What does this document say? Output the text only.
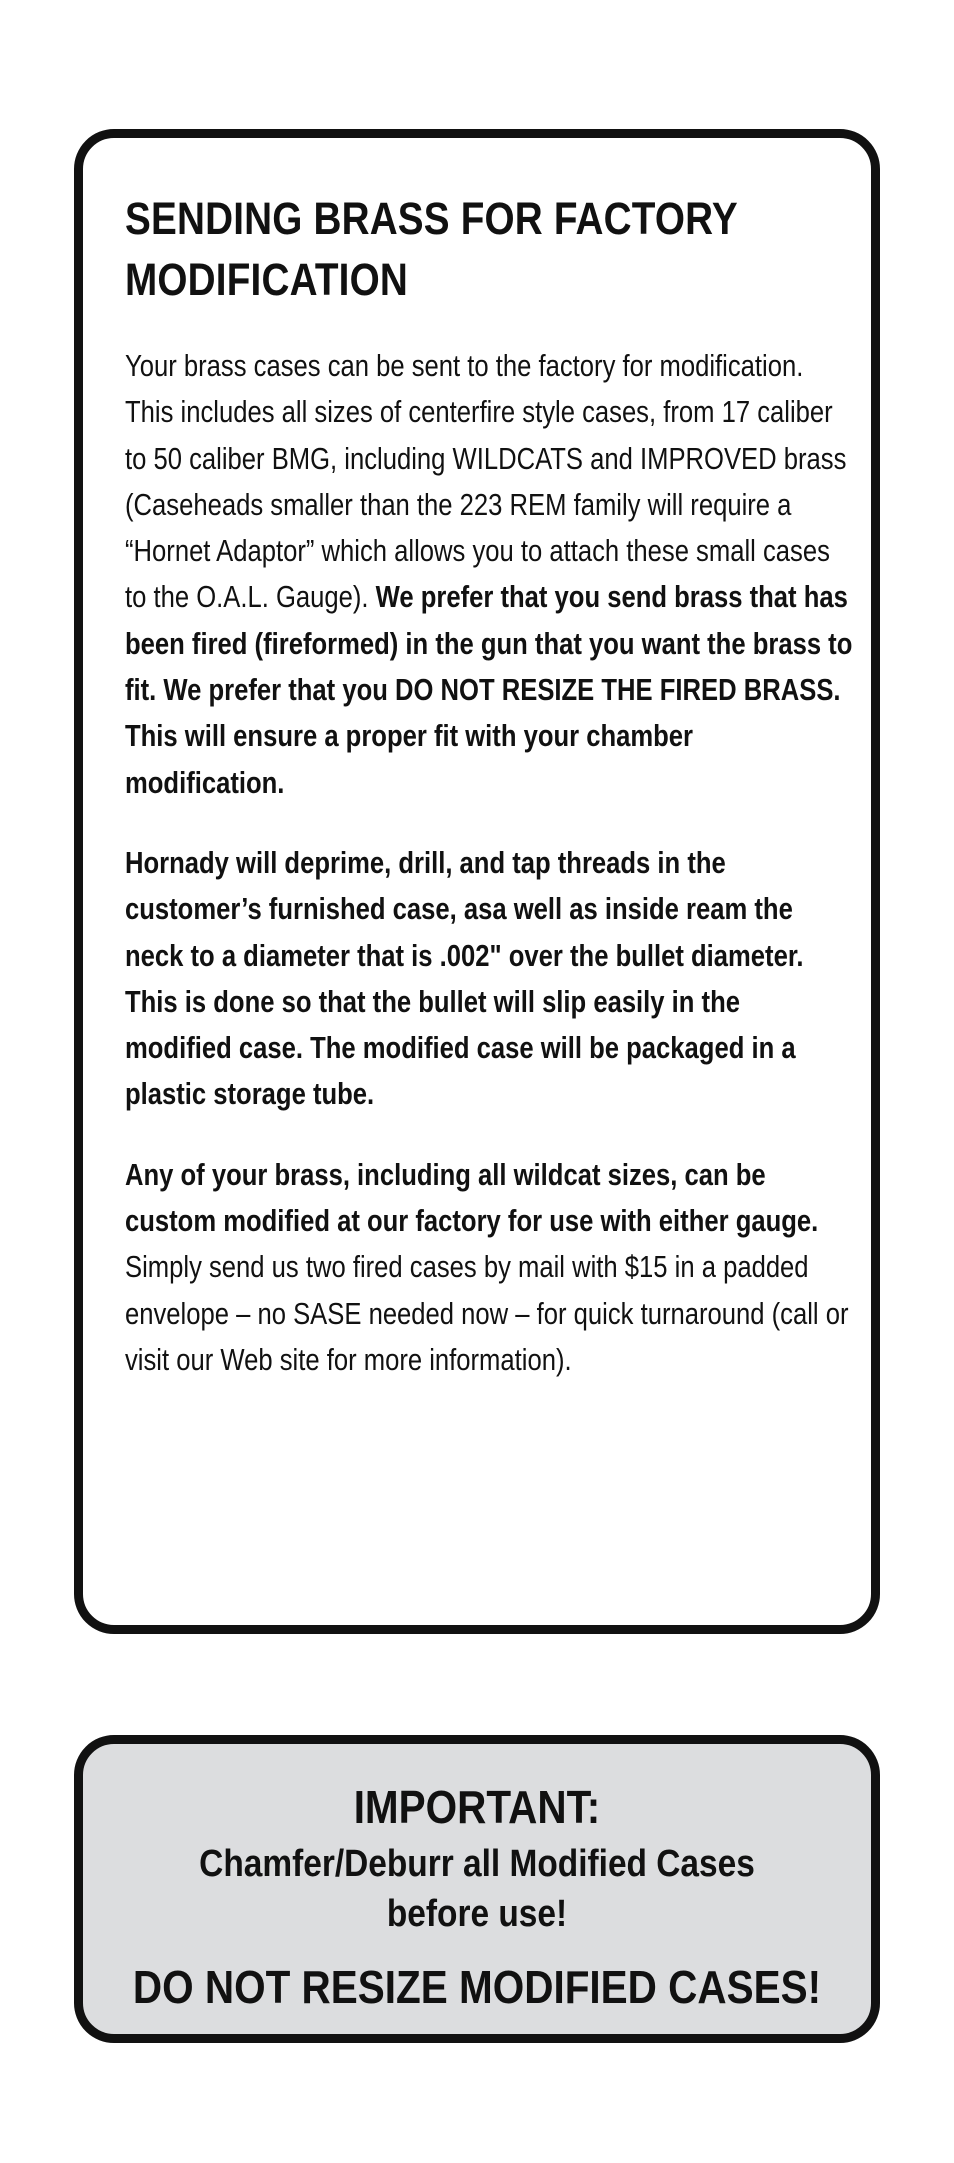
SENDING BRASS FOR FACTORY MODIFICATION

Your brass cases can be sent to the factory for modification. This includes all sizes of centerfire style cases, from 17 caliber to 50 caliber BMG, including WILDCATS and IMPROVED brass (Caseheads smaller than the 223 REM family will require a “Hornet Adaptor” which allows you to attach these small cases to the O.A.L. Gauge). We prefer that you send brass that has been fired (fireformed) in the gun that you want the brass to fit. We prefer that you DO NOT RESIZE THE FIRED BRASS. This will ensure a proper fit with your chamber modification.

Hornady will deprime, drill, and tap threads in the customer’s furnished case, asa well as inside ream the neck to a diameter that is .002" over the bullet diameter. This is done so that the bullet will slip easily in the modified case. The modified case will be packaged in a plastic storage tube.

Any of your brass, including all wildcat sizes, can be custom modified at our factory for use with either gauge. Simply send us two fired cases by mail with $15 in a padded envelope – no SASE needed now – for quick turnaround (call or visit our Web site for more information).

IMPORTANT:
Chamfer/Deburr all Modified Cases before use!
DO NOT RESIZE MODIFIED CASES!
